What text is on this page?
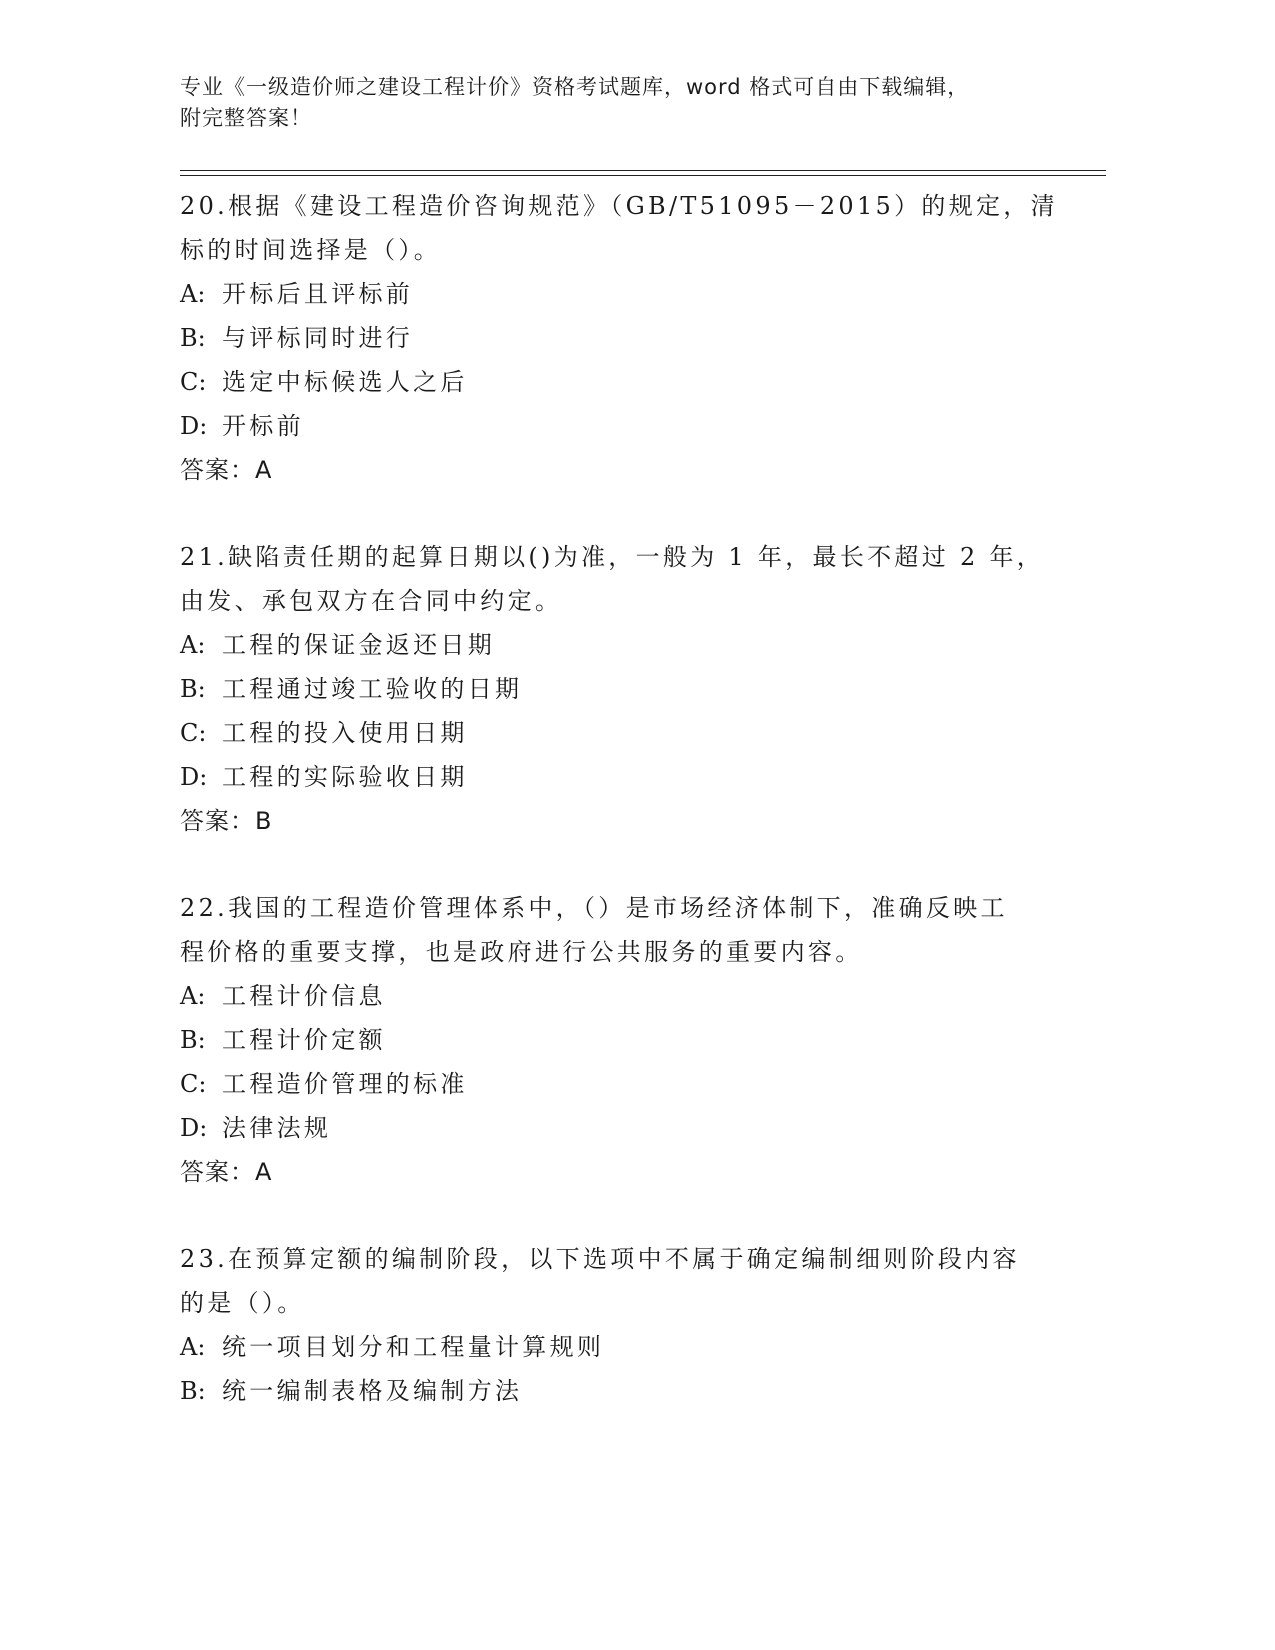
专业《一级造价师之建设工程计价》资格考试题库，word 格式可自由下载编辑，
附完整答案！
20.根据《建设工程造价咨询规范》（GB/T51095－2015）的规定，清
标的时间选择是（）。
A: 开标后且评标前
B: 与评标同时进行
C: 选定中标候选人之后
D: 开标前
答案：A
21.缺陷责任期的起算日期以()为准，一般为 1 年，最长不超过 2 年，
由发、承包双方在合同中约定。
A: 工程的保证金返还日期
B: 工程通过竣工验收的日期
C: 工程的投入使用日期
D: 工程的实际验收日期
答案：B
22.我国的工程造价管理体系中，（）是市场经济体制下，准确反映工
程价格的重要支撑，也是政府进行公共服务的重要内容。
A: 工程计价信息
B: 工程计价定额
C: 工程造价管理的标准
D: 法律法规
答案：A
23.在预算定额的编制阶段，以下选项中不属于确定编制细则阶段内容
的是（）。
A: 统一项目划分和工程量计算规则
B: 统一编制表格及编制方法
